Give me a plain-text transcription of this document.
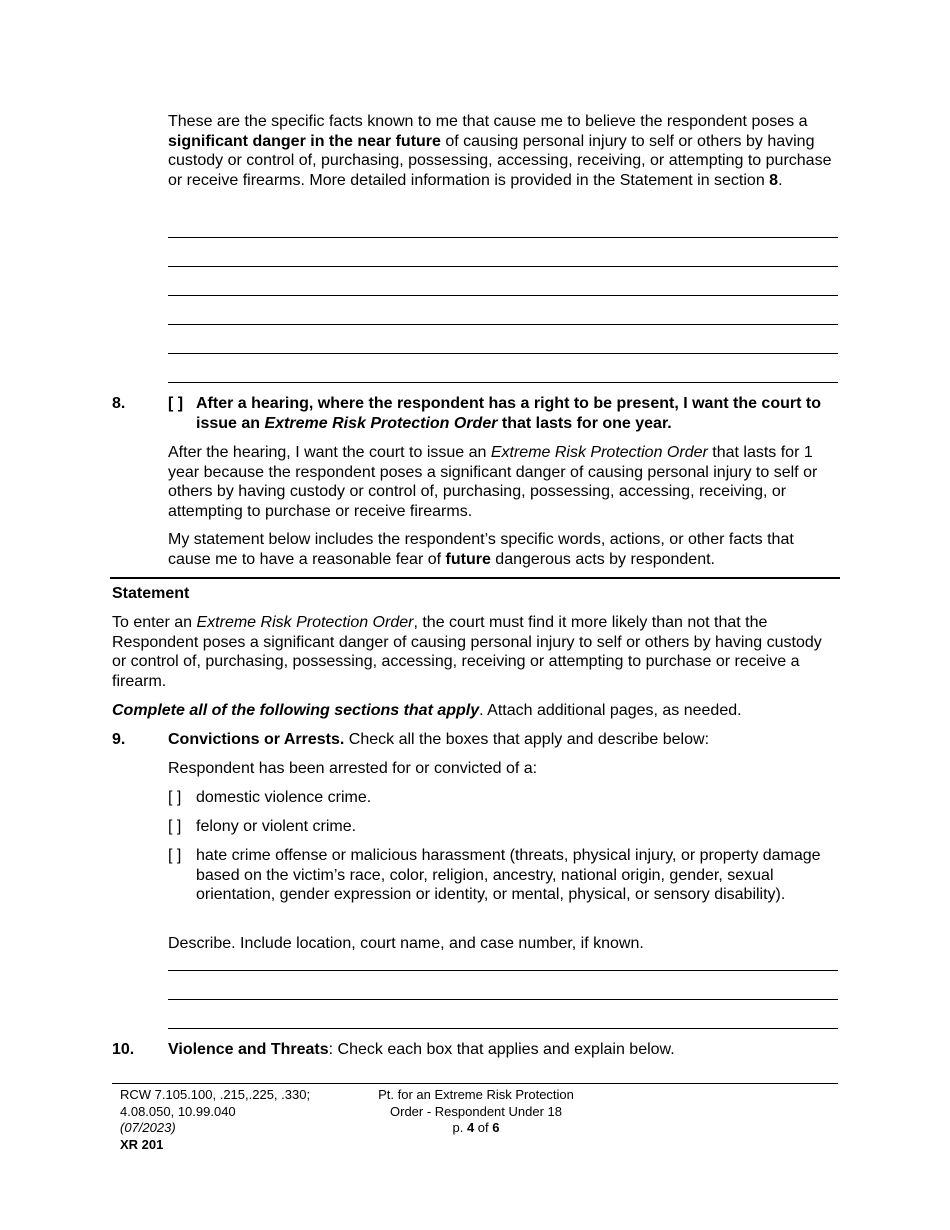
These are the specific facts known to me that cause me to believe the respondent poses a significant danger in the near future of causing personal injury to self or others by having custody or control of, purchasing, possessing, accessing, receiving, or attempting to purchase or receive firearms. More detailed information is provided in the Statement in section 8.
8.	[ ] After a hearing, where the respondent has a right to be present, I want the court to issue an Extreme Risk Protection Order that lasts for one year.
After the hearing, I want the court to issue an Extreme Risk Protection Order that lasts for 1 year because the respondent poses a significant danger of causing personal injury to self or others by having custody or control of, purchasing, possessing, accessing, receiving, or attempting to purchase or receive firearms.
My statement below includes the respondent’s specific words, actions, or other facts that cause me to have a reasonable fear of future dangerous acts by respondent.
Statement
To enter an Extreme Risk Protection Order, the court must find it more likely than not that the Respondent poses a significant danger of causing personal injury to self or others by having custody or control of, purchasing, possessing, accessing, receiving or attempting to purchase or receive a firearm.
Complete all of the following sections that apply. Attach additional pages, as needed.
9.	Convictions or Arrests. Check all the boxes that apply and describe below:
Respondent has been arrested for or convicted of a:
[ ] domestic violence crime.
[ ] felony or violent crime.
[ ] hate crime offense or malicious harassment (threats, physical injury, or property damage based on the victim’s race, color, religion, ancestry, national origin, gender, sexual orientation, gender expression or identity, or mental, physical, or sensory disability).
Describe. Include location, court name, and case number, if known.
10. Violence and Threats: Check each box that applies and explain below.
RCW 7.105.100, .215,.225, .330;
4.08.050, 10.99.040
(07/2023)
XR 201
Pt. for an Extreme Risk Protection
Order - Respondent Under 18
p. 4 of 6
